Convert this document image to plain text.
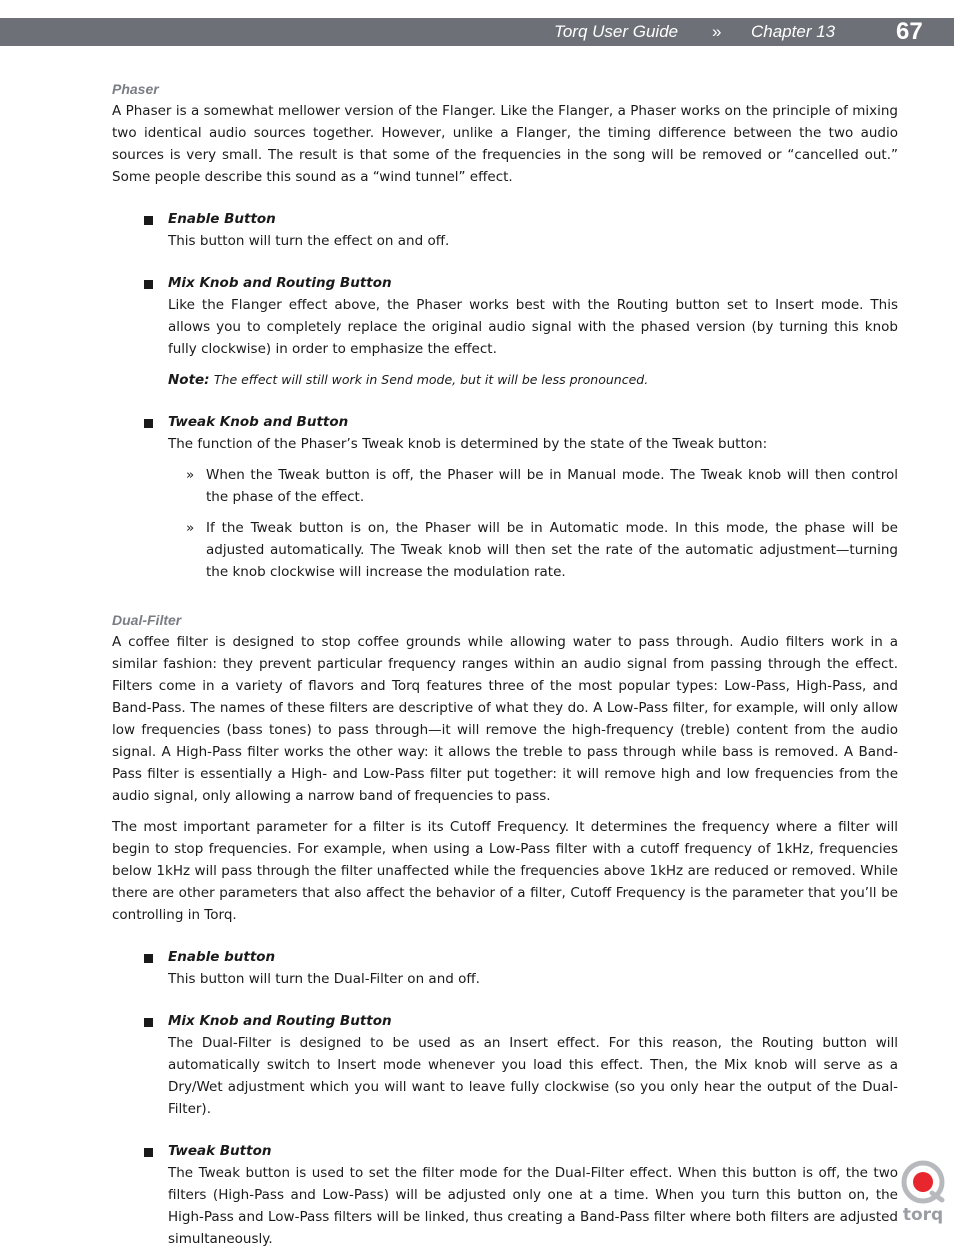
Torq User Guide » Chapter 13	67
Phaser

A Phaser is a somewhat mellower version of the Flanger. Like the Flanger, a Phaser works on the principle of mixing two identical audio sources together. However, unlike a Flanger, the timing difference between the two audio sources is very small. The result is that some of the frequencies in the song will be removed or “cancelled out.” Some people describe this sound as a “wind tunnel” effect.

Enable Button

This button will turn the effect on and off.

Mix Knob and Routing Button

Like the Flanger effect above, the Phaser works best with the Routing button set to Insert mode. This allows you to completely replace the original audio signal with the phased version (by turning this knob fully clockwise) in order to emphasize the effect.

Note: The effect will still work in Send mode, but it will be less pronounced.

Tweak Knob and Button

The function of the Phaser’s Tweak knob is determined by the state of the Tweak button:

» When the Tweak button is off, the Phaser will be in Manual mode. The Tweak knob will then control the phase of the effect.

» If the Tweak button is on, the Phaser will be in Automatic mode. In this mode, the phase will be adjusted automatically. The Tweak knob will then set the rate of the automatic adjustment—turning the knob clockwise will increase the modulation rate.

Dual-Filter

A coffee filter is designed to stop coffee grounds while allowing water to pass through. Audio filters work in a similar fashion: they prevent particular frequency ranges within an audio signal from passing through the effect. Filters come in a variety of flavors and Torq features three of the most popular types: Low-Pass, High-Pass, and Band-Pass. The names of these filters are descriptive of what they do. A Low-Pass filter, for example, will only allow low frequencies (bass tones) to pass through—it will remove the high-frequency (treble) content from the audio signal. A High-Pass filter works the other way: it allows the treble to pass through while bass is removed. A Band-Pass filter is essentially a High- and Low-Pass filter put together: it will remove high and low frequencies from the audio signal, only allowing a narrow band of frequencies to pass.

The most important parameter for a filter is its Cutoff Frequency. It determines the frequency where a filter will begin to stop frequencies. For example, when using a Low-Pass filter with a cutoff frequency of 1kHz, frequencies below 1kHz will pass through the filter unaffected while the frequencies above 1kHz are reduced or removed. While there are other parameters that also affect the behavior of a filter, Cutoff Frequency is the parameter that you’ll be controlling in Torq.

Enable button

This button will turn the Dual-Filter on and off.

Mix Knob and Routing Button

The Dual-Filter is designed to be used as an Insert effect. For this reason, the Routing button will automatically switch to Insert mode whenever you load this effect. Then, the Mix knob will serve as a Dry/Wet adjustment which you will want to leave fully clockwise (so you only hear the output of the Dual-Filter).

Tweak Button

The Tweak button is used to set the filter mode for the Dual-Filter effect. When this button is off, the two filters (High-Pass and Low-Pass) will be adjusted only one at a time. When you turn this button on, the High-Pass and Low-Pass filters will be linked, thus creating a Band-Pass filter where both filters are adjusted simultaneously.

torq
